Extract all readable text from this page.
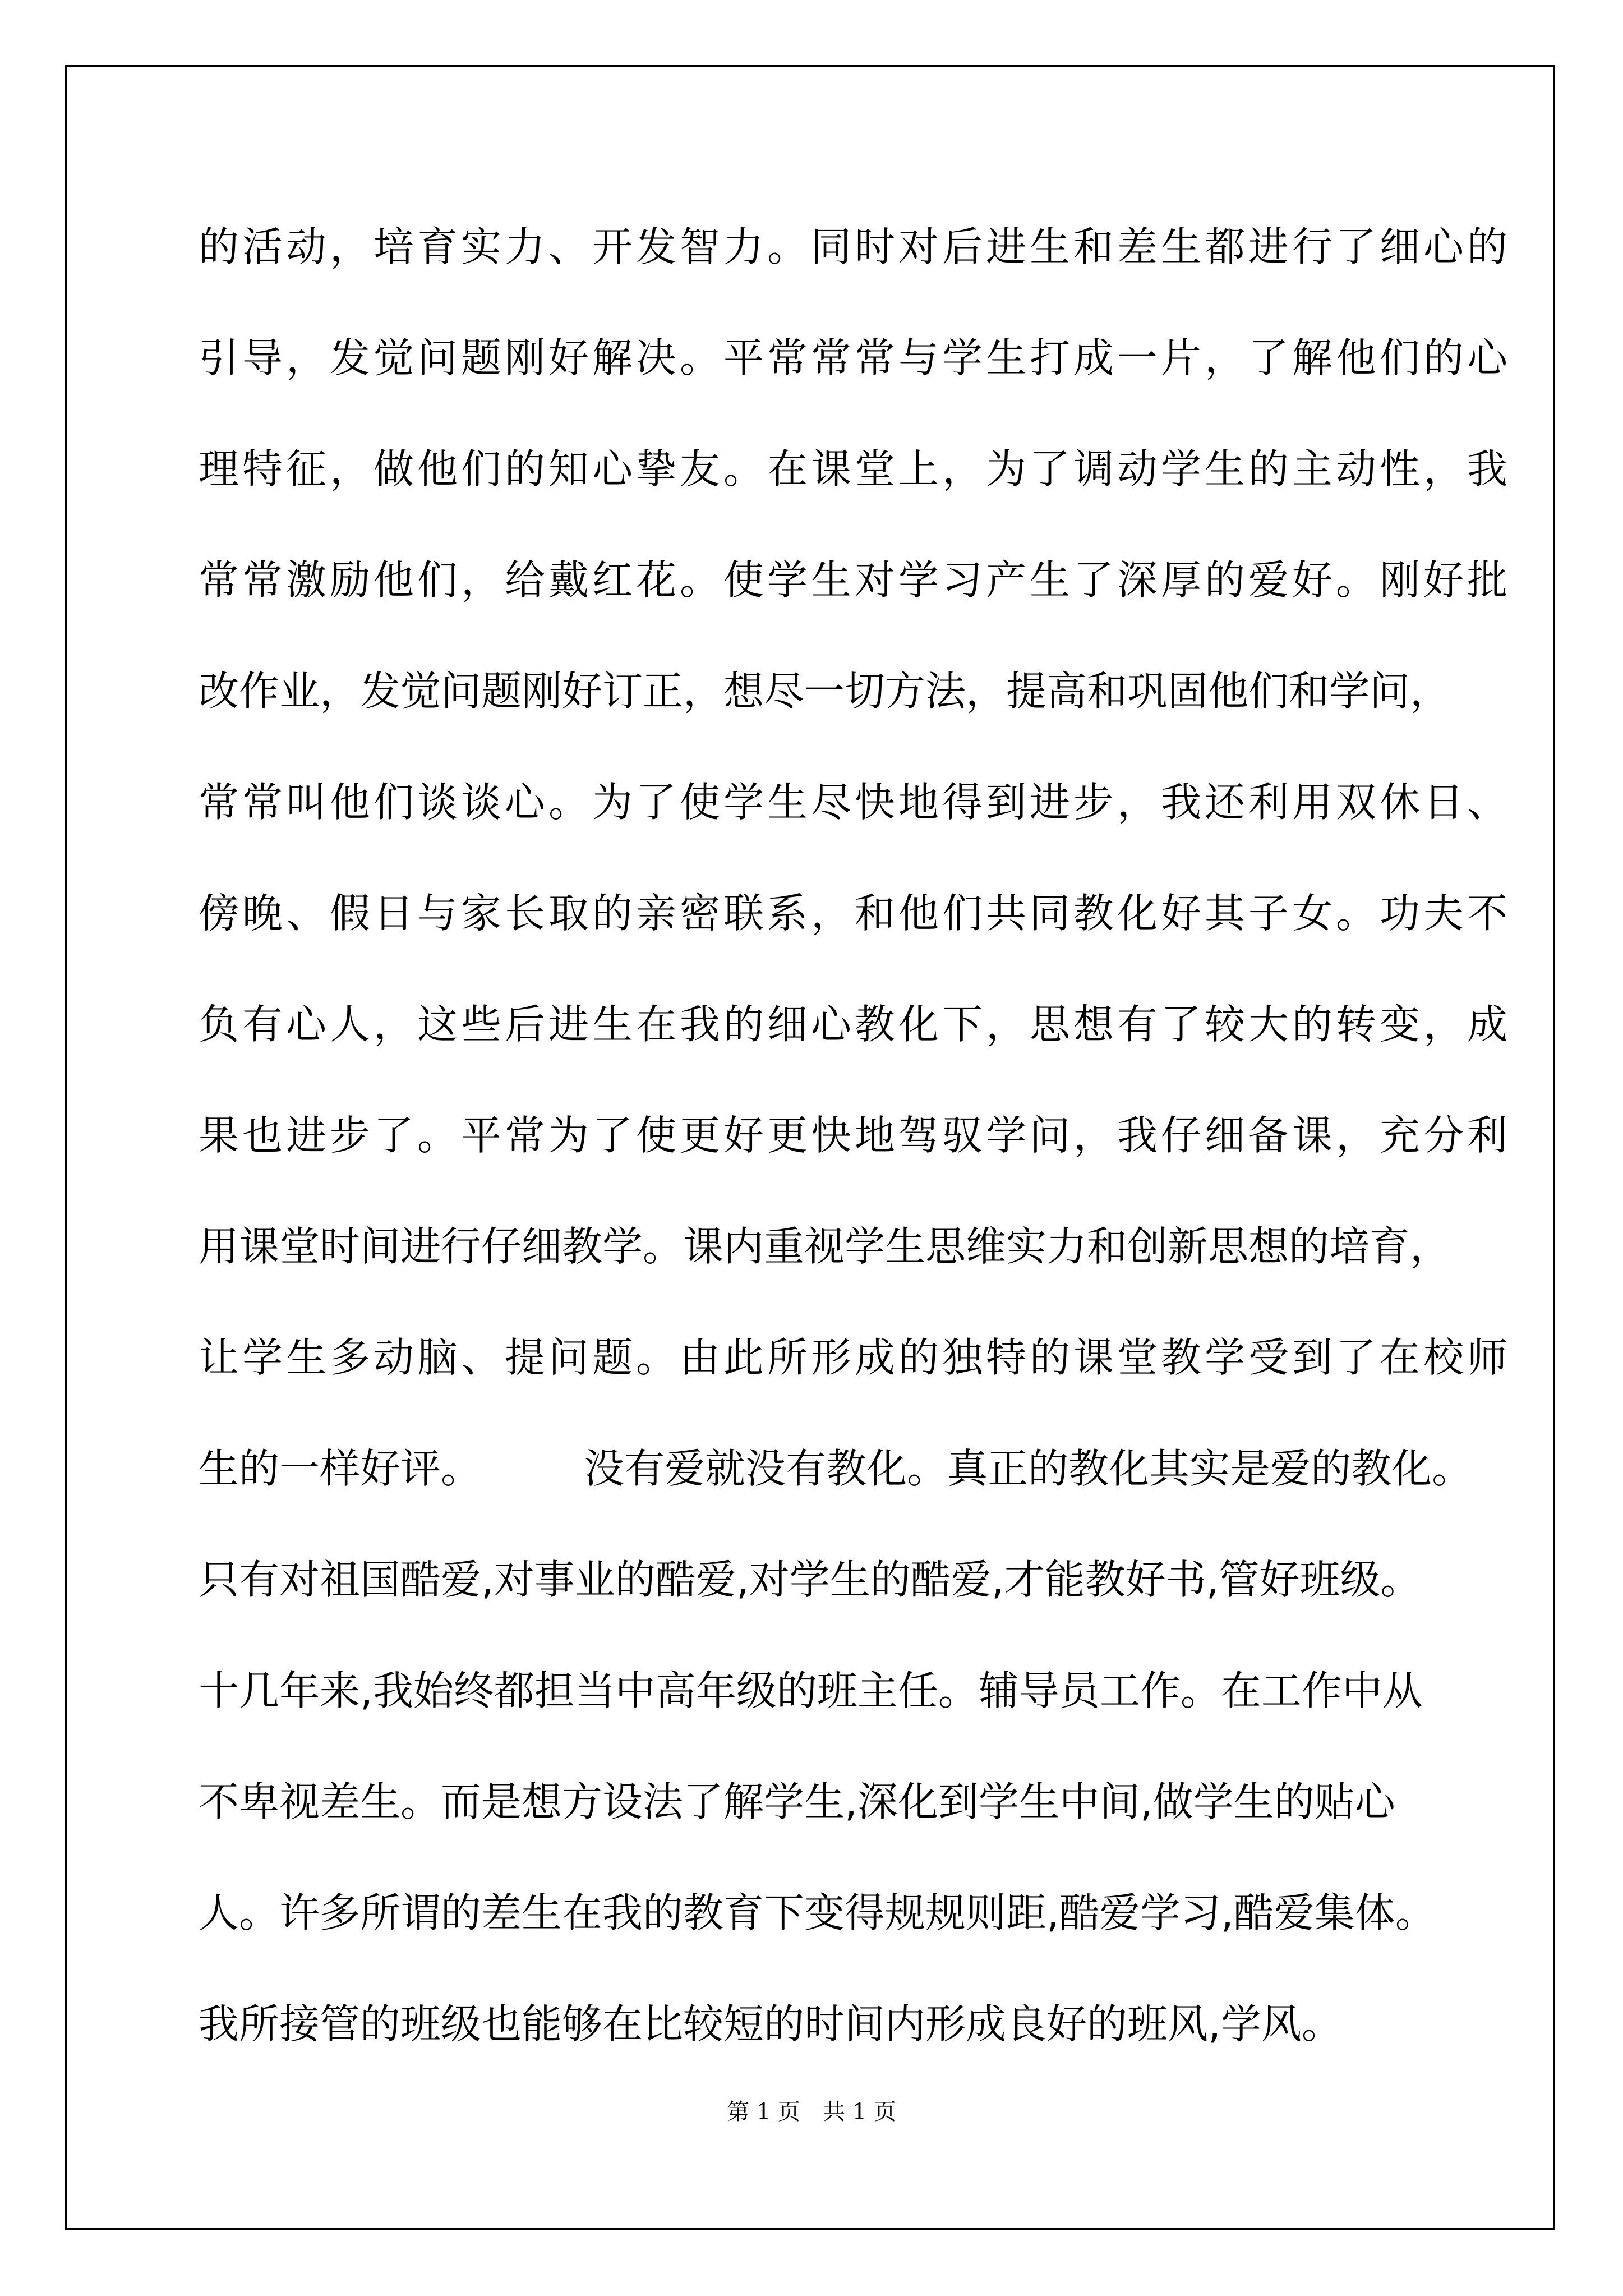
的活动，培育实力、开发智力。同时对后进生和差生都进行了细心的
引导，发觉问题刚好解决。平常常常与学生打成一片，了解他们的心
理特征，做他们的知心挚友。在课堂上，为了调动学生的主动性，我
常常激励他们，给戴红花。使学生对学习产生了深厚的爱好。刚好批
改作业，发觉问题刚好订正，想尽一切方法，提高和巩固他们和学问，
常常叫他们谈谈心。为了使学生尽快地得到进步，我还利用双休日、
傍晚、假日与家长取的亲密联系，和他们共同教化好其子女。功夫不
负有心人，这些后进生在我的细心教化下，思想有了较大的转变，成
果也进步了。平常为了使更好更快地驾驭学问，我仔细备课，充分利
用课堂时间进行仔细教学。课内重视学生思维实力和创新思想的培育，
让学生多动脑、提问题。由此所形成的独特的课堂教学受到了在校师
生的一样好评。        没有爱就没有教化。真正的教化其实是爱的教化。
只有对祖国酷爱,对事业的酷爱,对学生的酷爱,才能教好书,管好班级。
十几年来,我始终都担当中高年级的班主任。辅导员工作。在工作中从
不卑视差生。而是想方设法了解学生,深化到学生中间,做学生的贴心
人。许多所谓的差生在我的教育下变得规规则距,酷爱学习,酷爱集体。
我所接管的班级也能够在比较短的时间内形成良好的班风,学风。
第 1 页　共 1 页
